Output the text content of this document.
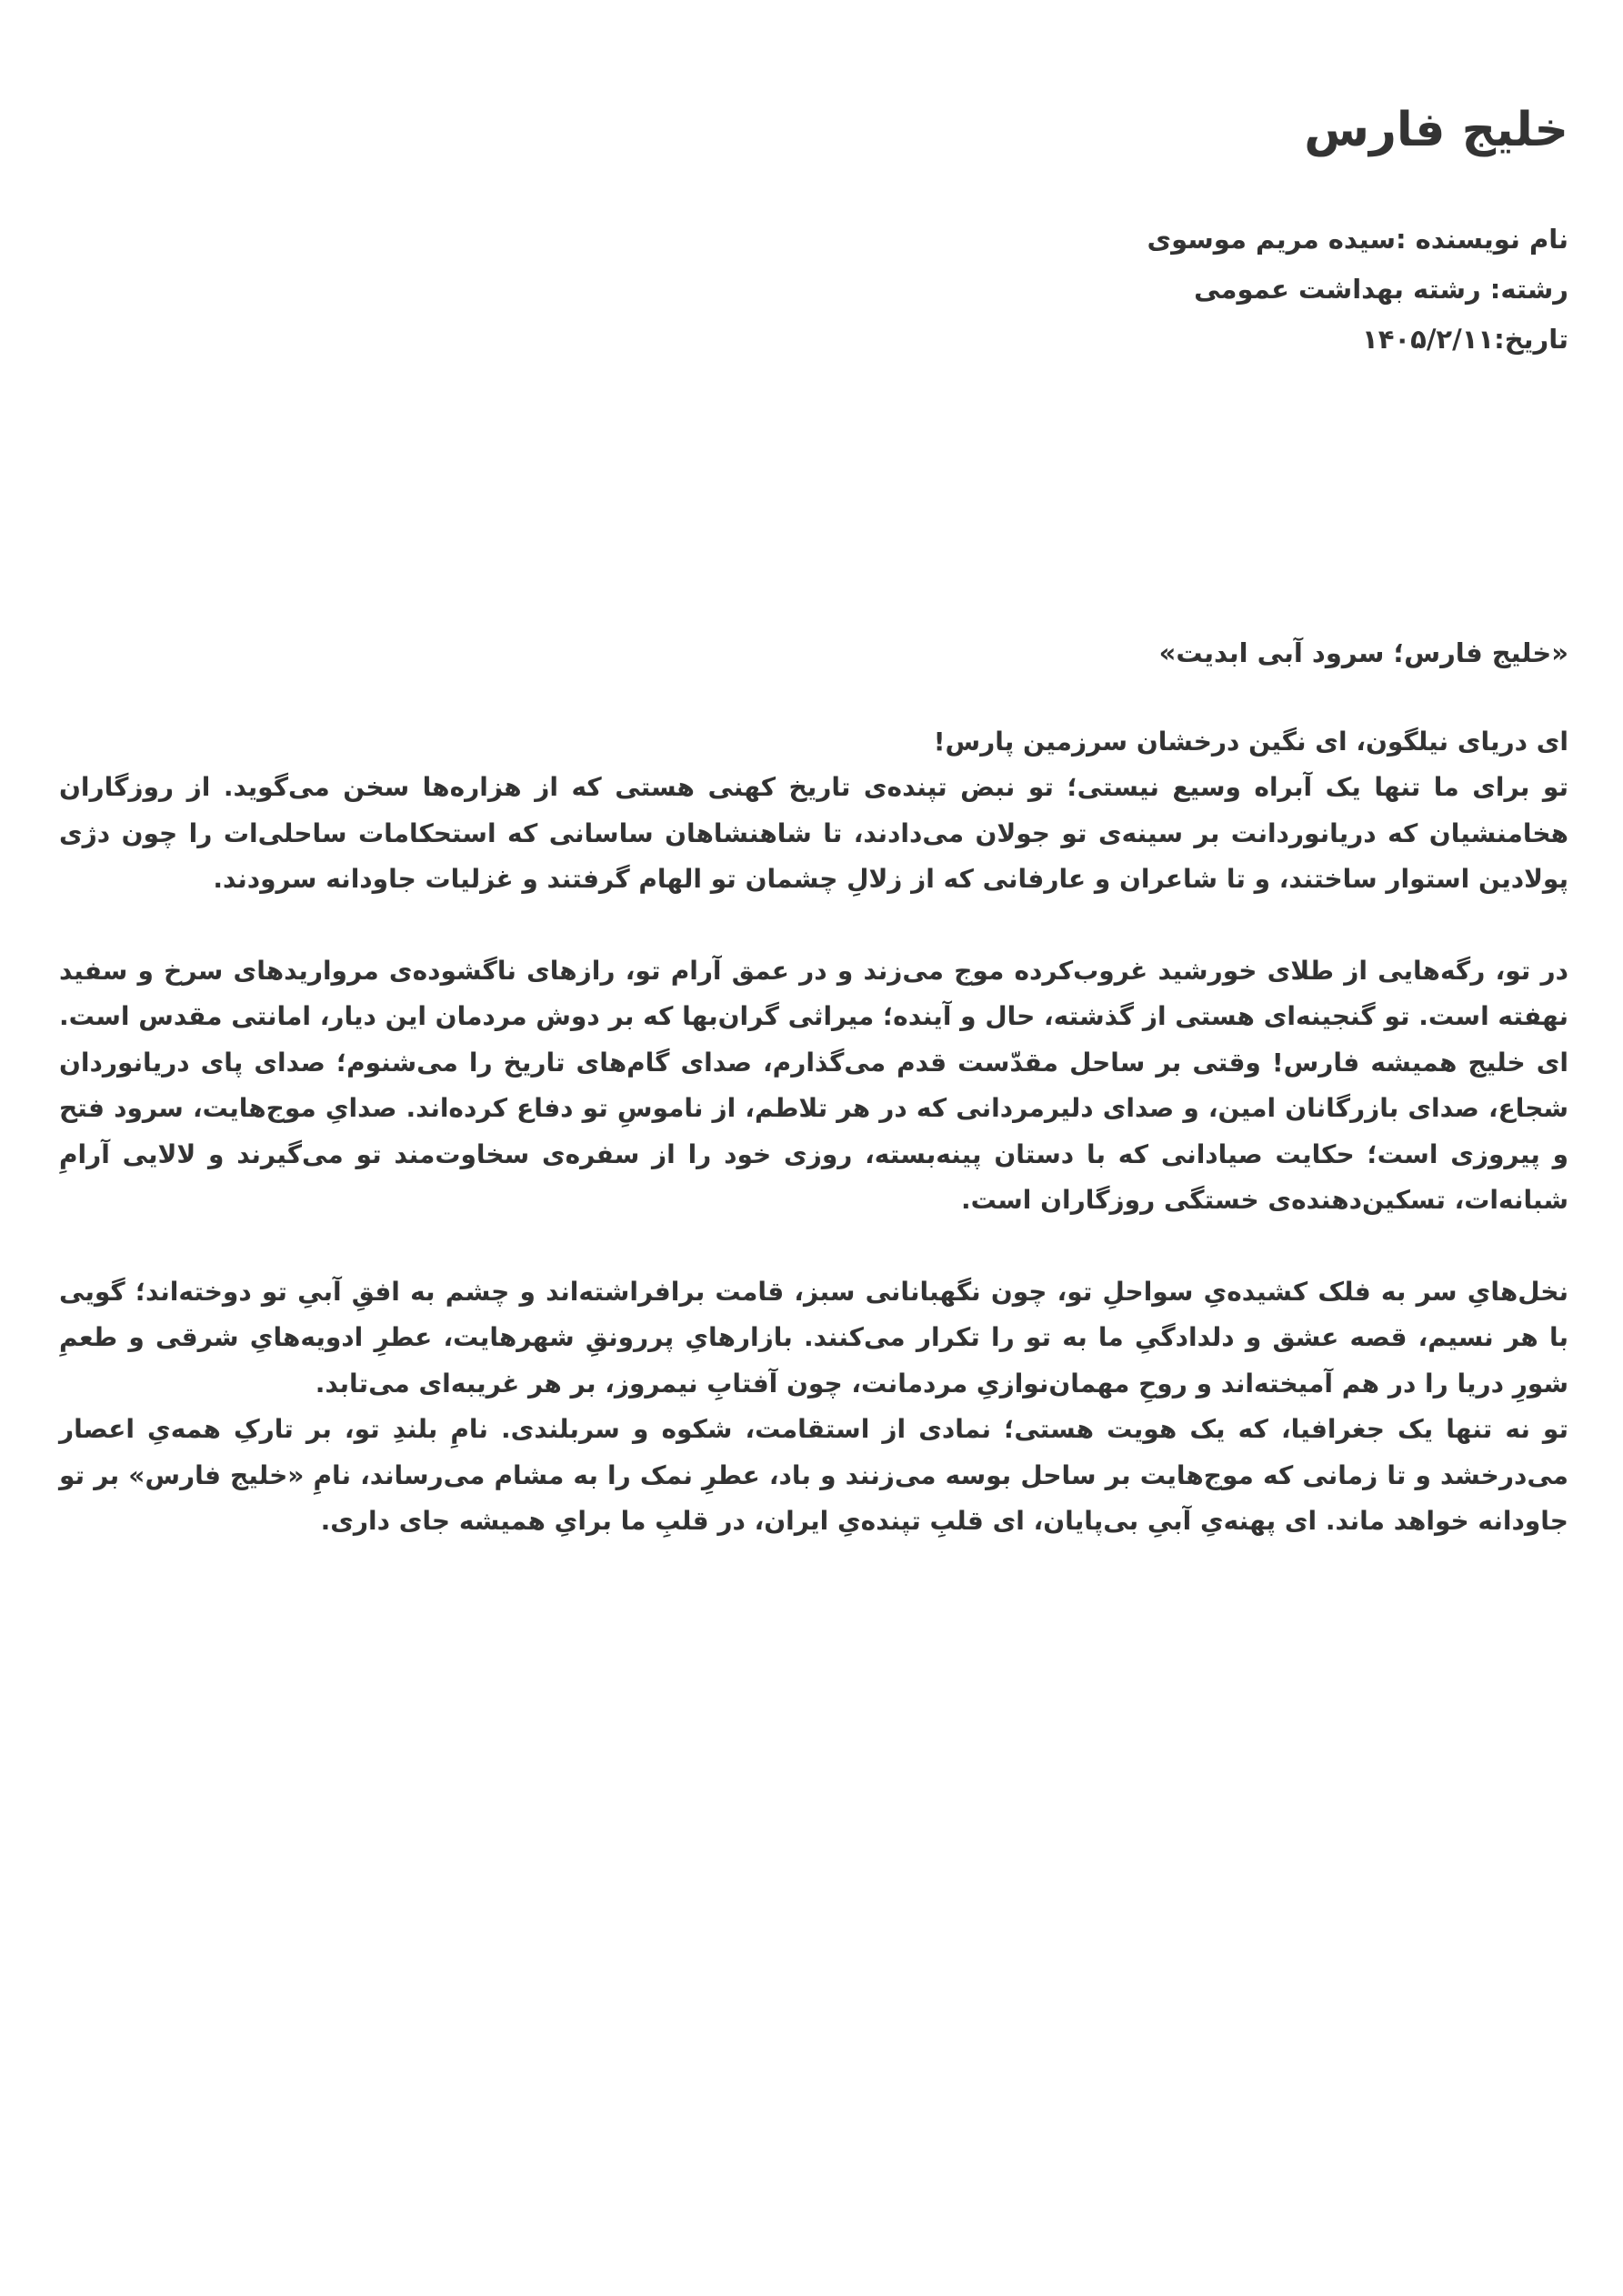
خلیج فارس
نام نویسنده :سیده مریم موسوی
رشته: رشته بهداشت عمومی
تاریخ:۱۴۰۵/۲/۱۱
«خلیج فارس؛ سرود آبی ابدیت»

ای دریای نیلگون، ای نگین درخشان سرزمین پارس!

تو برای ما تنها یک آبراه وسیع نیستی؛ تو نبض تپنده‌ی تاریخ کهنی هستی که از هزاره‌ها سخن می‌گوید. از روزگاران هخامنشیان که دریانوردانت بر سینه‌ی تو جولان می‌دادند، تا شاهنشاهان ساسانی که استحکامات ساحلی‌ات را چون دژی پولادین استوار ساختند، و تا شاعران و عارفانی که از زلالِ چشمان تو الهام گرفتند و غزلیات جاودانه سرودند.

در تو، رگه‌هایی از طلای خورشید غروب‌کرده موج می‌زند و در عمق آرام تو، رازهای ناگشوده‌ی مرواریدهای سرخ و سفید نهفته است. تو گنجینه‌ای هستی از گذشته، حال و آینده؛ میراثی گران‌بها که بر دوش مردمان این دیار، امانتی مقدس است.

ای خلیج همیشه فارس! وقتی بر ساحل مقدّست قدم می‌گذارم، صدای گام‌های تاریخ را می‌شنوم؛ صدای پای دریانوردان شجاع، صدای بازرگانان امین، و صدای دلیرمردانی که در هر تلاطم، از ناموسِ تو دفاع کرده‌اند. صدایِ موج‌هایت، سرود فتح و پیروزی است؛ حکایت صیادانی که با دستان پینه‌بسته، روزی خود را از سفره‌ی سخاوت‌مند تو می‌گیرند و لالایی آرامِ شبانه‌ات، تسکین‌دهنده‌ی خستگی روزگاران است.

نخل‌هایِ سر به فلک کشیده‌یِ سواحلِ تو، چون نگهبانانی سبز، قامت برافراشته‌اند و چشم به افقِ آبیِ تو دوخته‌اند؛ گویی با هر نسیم، قصه عشق و دلدادگیِ ما به تو را تکرار می‌کنند. بازارهایِ پررونقِ شهرهایت، عطرِ ادویه‌هایِ شرقی و طعمِ شورِ دریا را در هم آمیخته‌اند و روحِ مهمان‌نوازیِ مردمانت، چون آفتابِ نیمروز، بر هر غریبه‌ای می‌تابد.

تو نه تنها یک جغرافیا، که یک هویت هستی؛ نمادی از استقامت، شکوه و سربلندی. نامِ بلندِ تو، بر تارکِ همه‌یِ اعصار می‌درخشد و تا زمانی که موج‌هایت بر ساحل بوسه می‌زنند و باد، عطرِ نمک را به مشام می‌رساند، نامِ «خلیج فارس» بر تو جاودانه خواهد ماند. ای پهنه‌یِ آبیِ بی‌پایان، ای قلبِ تپنده‌یِ ایران، در قلبِ ما برایِ همیشه جای داری.
